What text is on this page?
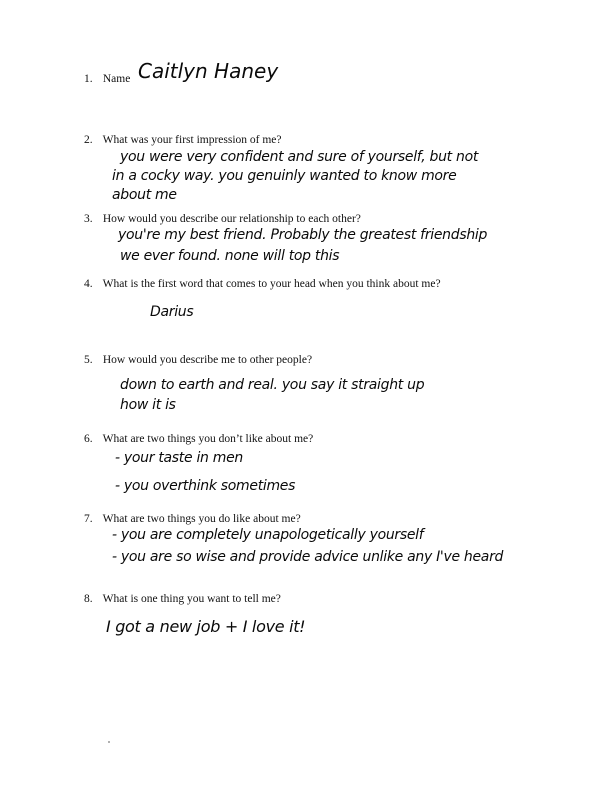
1. Name Caitlyn Haney
2. What was your first impression of me?
you were very confident and sure of yourself, but not
in a cocky way. you genuinly wanted to know more
about me
3. How would you describe our relationship to each other?
you're my best friend. Probably the greatest friendship
we ever found. none will top this
4. What is the first word that comes to your head when you think about me?
Darius
5. How would you describe me to other people?
down to earth and real. you say it straight up
how it is
6. What are two things you don’t like about me?
- your taste in men
- you overthink sometimes
7. What are two things you do like about me?
- you are completely unapologetically yourself
- you are so wise and provide advice unlike any I've heard
8. What is one thing you want to tell me?
I got a new job + I love it!
